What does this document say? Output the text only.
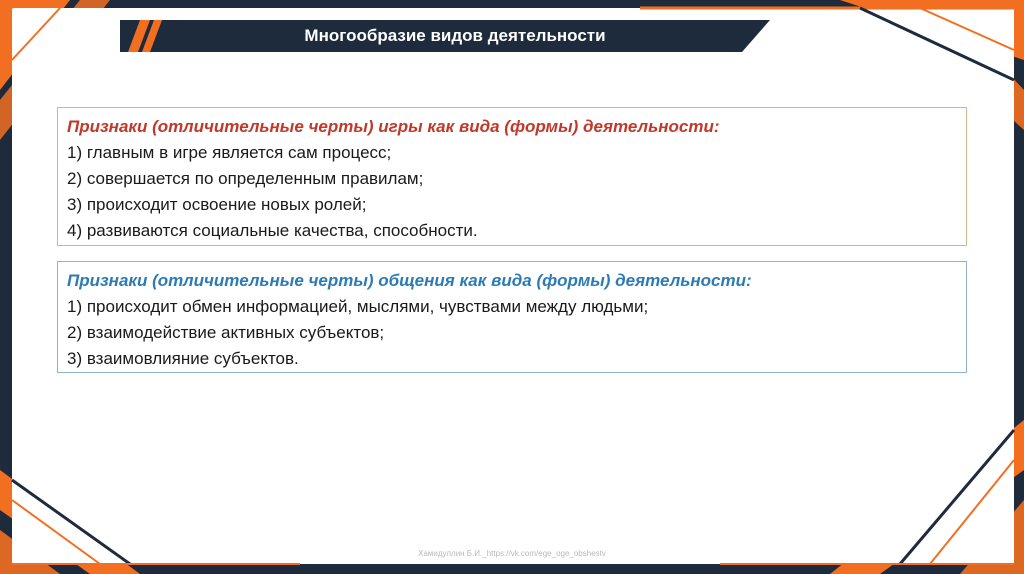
Многообразие видов деятельности
Признаки (отличительные черты) игры как вида (формы) деятельности:
1) главным в игре является сам процесс;
2) совершается по определенным правилам;
3) происходит освоение новых ролей;
4) развиваются социальные качества, способности.
Признаки (отличительные черты) общения как вида (формы) деятельности:
1) происходит обмен информацией, мыслями, чувствами между людьми;
2) взаимодействие активных субъектов;
3) взаимовлияние субъектов.
Хамидуллин Б.И._https://vk.com/ege_oge_obshestv
